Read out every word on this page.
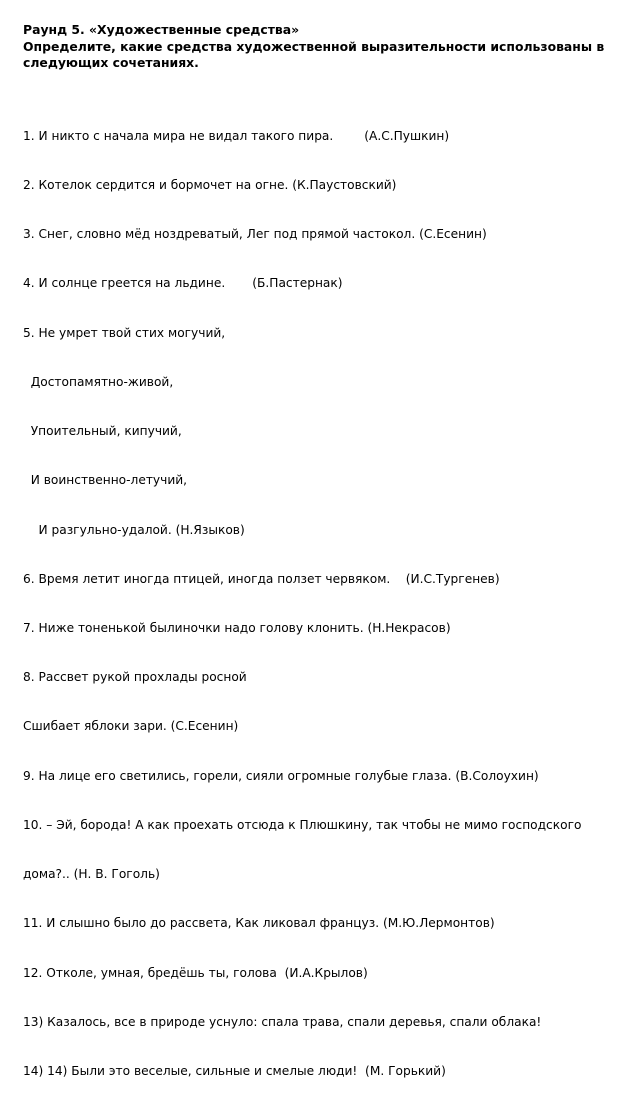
Раунд 5. «Художественные средства»

Определите, какие средства художественной выразительности использованы в следующих сочетаниях.

1. И никто с начала мира не видал такого пира.        (А.С.Пушкин)

2. Котелок сердится и бормочет на огне. (К.Паустовский)

3. Снег, словно мёд ноздреватый, Лег под прямой частокол. (С.Есенин)

4. И солнце греется на льдине.       (Б.Пастернак)

5. Не умрет твой стих могучий,

Достопамятно-живой,

Упоительный, кипучий,

И воинственно-летучий,

И разгульно-удалой. (Н.Языков)

6. Время летит иногда птицей, иногда ползет червяком.    (И.С.Тургенев)

7. Ниже тоненькой былиночки надо голову клонить. (Н.Некрасов)

8. Рассвет рукой прохлады росной

Сшибает яблоки зари. (С.Есенин)

9. На лице его светились, горели, сияли огромные голубые глаза. (В.Солоухин)

10. – Эй, борода! А как проехать отсюда к Плюшкину, так чтобы не мимо господского

дома?.. (Н. В. Гоголь)

11. И слышно было до рассвета, Как ликовал француз. (М.Ю.Лермонтов)

12. Отколе, умная, бредёшь ты, голова  (И.А.Крылов)

13) Казалось, все в природе уснуло: спала трава, спали деревья, спали облака!

14) 14) Были это веселые, сильные и смелые люди!  (М. Горький)
